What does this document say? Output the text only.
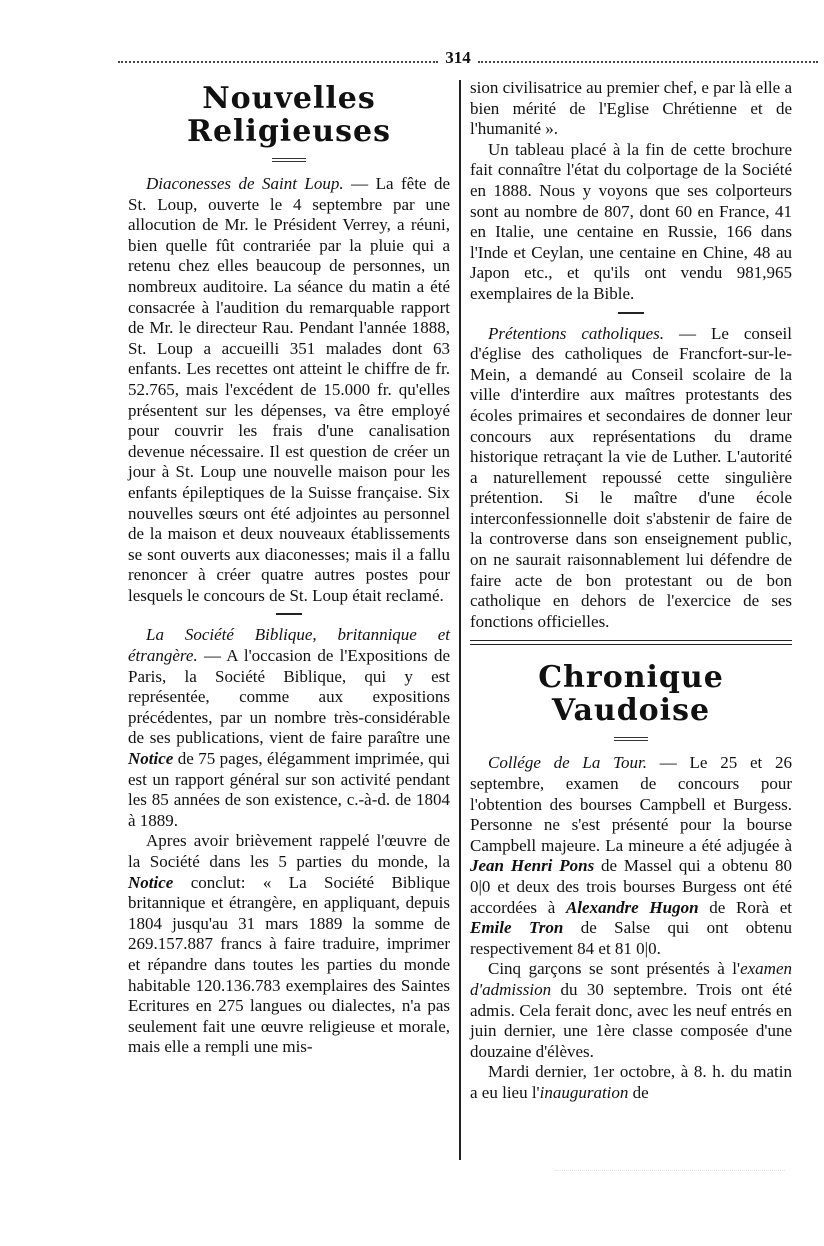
314
Nouvelles Religieuses

Diaconesses de Saint Loup. — La fête de St. Loup, ouverte le 4 septembre par une allocution de Mr. le Président Verrey, a réuni, bien quelle fût contrariée par la pluie qui a retenu chez elles beaucoup de personnes, un nombreux auditoire. La séance du matin a été consacrée à l'audition du remarquable rapport de Mr. le directeur Rau. Pendant l'année 1888, St. Loup a accueilli 351 malades dont 63 enfants. Les recettes ont atteint le chiffre de fr. 52.765, mais l'excédent de 15.000 fr. qu'elles présentent sur les dépenses, va être employé pour couvrir les frais d'une canalisation devenue nécessaire. Il est question de créer un jour à St. Loup une nouvelle maison pour les enfants épileptiques de la Suisse française. Six nouvelles sœurs ont été adjointes au personnel de la maison et deux nouveaux établissements se sont ouverts aux diaconesses; mais il a fallu renoncer à créer quatre autres postes pour lesquels le concours de St. Loup était reclamé.

La Société Biblique, britannique et étrangère. — A l'occasion de l'Expositions de Paris, la Société Biblique, qui y est représentée, comme aux expositions précédentes, par un nombre très-considérable de ses publications, vient de faire paraître une Notice de 75 pages, élégamment imprimée, qui est un rapport général sur son activité pendant les 85 années de son existence, c.-à-d. de 1804 à 1889.

Apres avoir brièvement rappelé l'œuvre de la Société dans les 5 parties du monde, la Notice conclut: « La Société Biblique britannique et étrangère, en appliquant, depuis 1804 jusqu'au 31 mars 1889 la somme de 269.157.887 francs à faire traduire, imprimer et répandre dans toutes les parties du monde habitable 120.136.783 exemplaires des Saintes Ecritures en 275 langues ou dialectes, n'a pas seulement fait une œuvre religieuse et morale, mais elle a rempli une mis-

sion civilisatrice au premier chef, e par là elle a bien mérité de l'Eglise Chrétienne et de l'humanité ».

Un tableau placé à la fin de cette brochure fait connaître l'état du colportage de la Société en 1888. Nous y voyons que ses colporteurs sont au nombre de 807, dont 60 en France, 41 en Italie, une centaine en Russie, 166 dans l'Inde et Ceylan, une centaine en Chine, 48 au Japon etc., et qu'ils ont vendu 981,965 exemplaires de la Bible.

Prétentions catholiques. — Le conseil d'église des catholiques de Francfort-sur-le-Mein, a demandé au Conseil scolaire de la ville d'interdire aux maîtres protestants des écoles primaires et secondaires de donner leur concours aux représentations du drame historique retraçant la vie de Luther. L'autorité a naturellement repoussé cette singulière prétention. Si le maître d'une école interconfessionnelle doit s'abstenir de faire de la controverse dans son enseignement public, on ne saurait raisonnablement lui défendre de faire acte de bon protestant ou de bon catholique en dehors de l'exercice de ses fonctions officielles.

Chronique Vaudoise

Collége de La Tour. — Le 25 et 26 septembre, examen de concours pour l'obtention des bourses Campbell et Burgess. Personne ne s'est présenté pour la bourse Campbell majeure. La mineure a été adjugée à Jean Henri Pons de Massel qui a obtenu 80 0|0 et deux des trois bourses Burgess ont été accordées à Alexandre Hugon de Rorà et Emile Tron de Salse qui ont obtenu respectivement 84 et 81 0|0.

Cinq garçons se sont présentés à l'examen d'admission du 30 septembre. Trois ont été admis. Cela ferait donc, avec les neuf entrés en juin dernier, une 1ère classe composée d'une douzaine d'élèves.

Mardi dernier, 1er octobre, à 8. h. du matin a eu lieu l'inauguration de
